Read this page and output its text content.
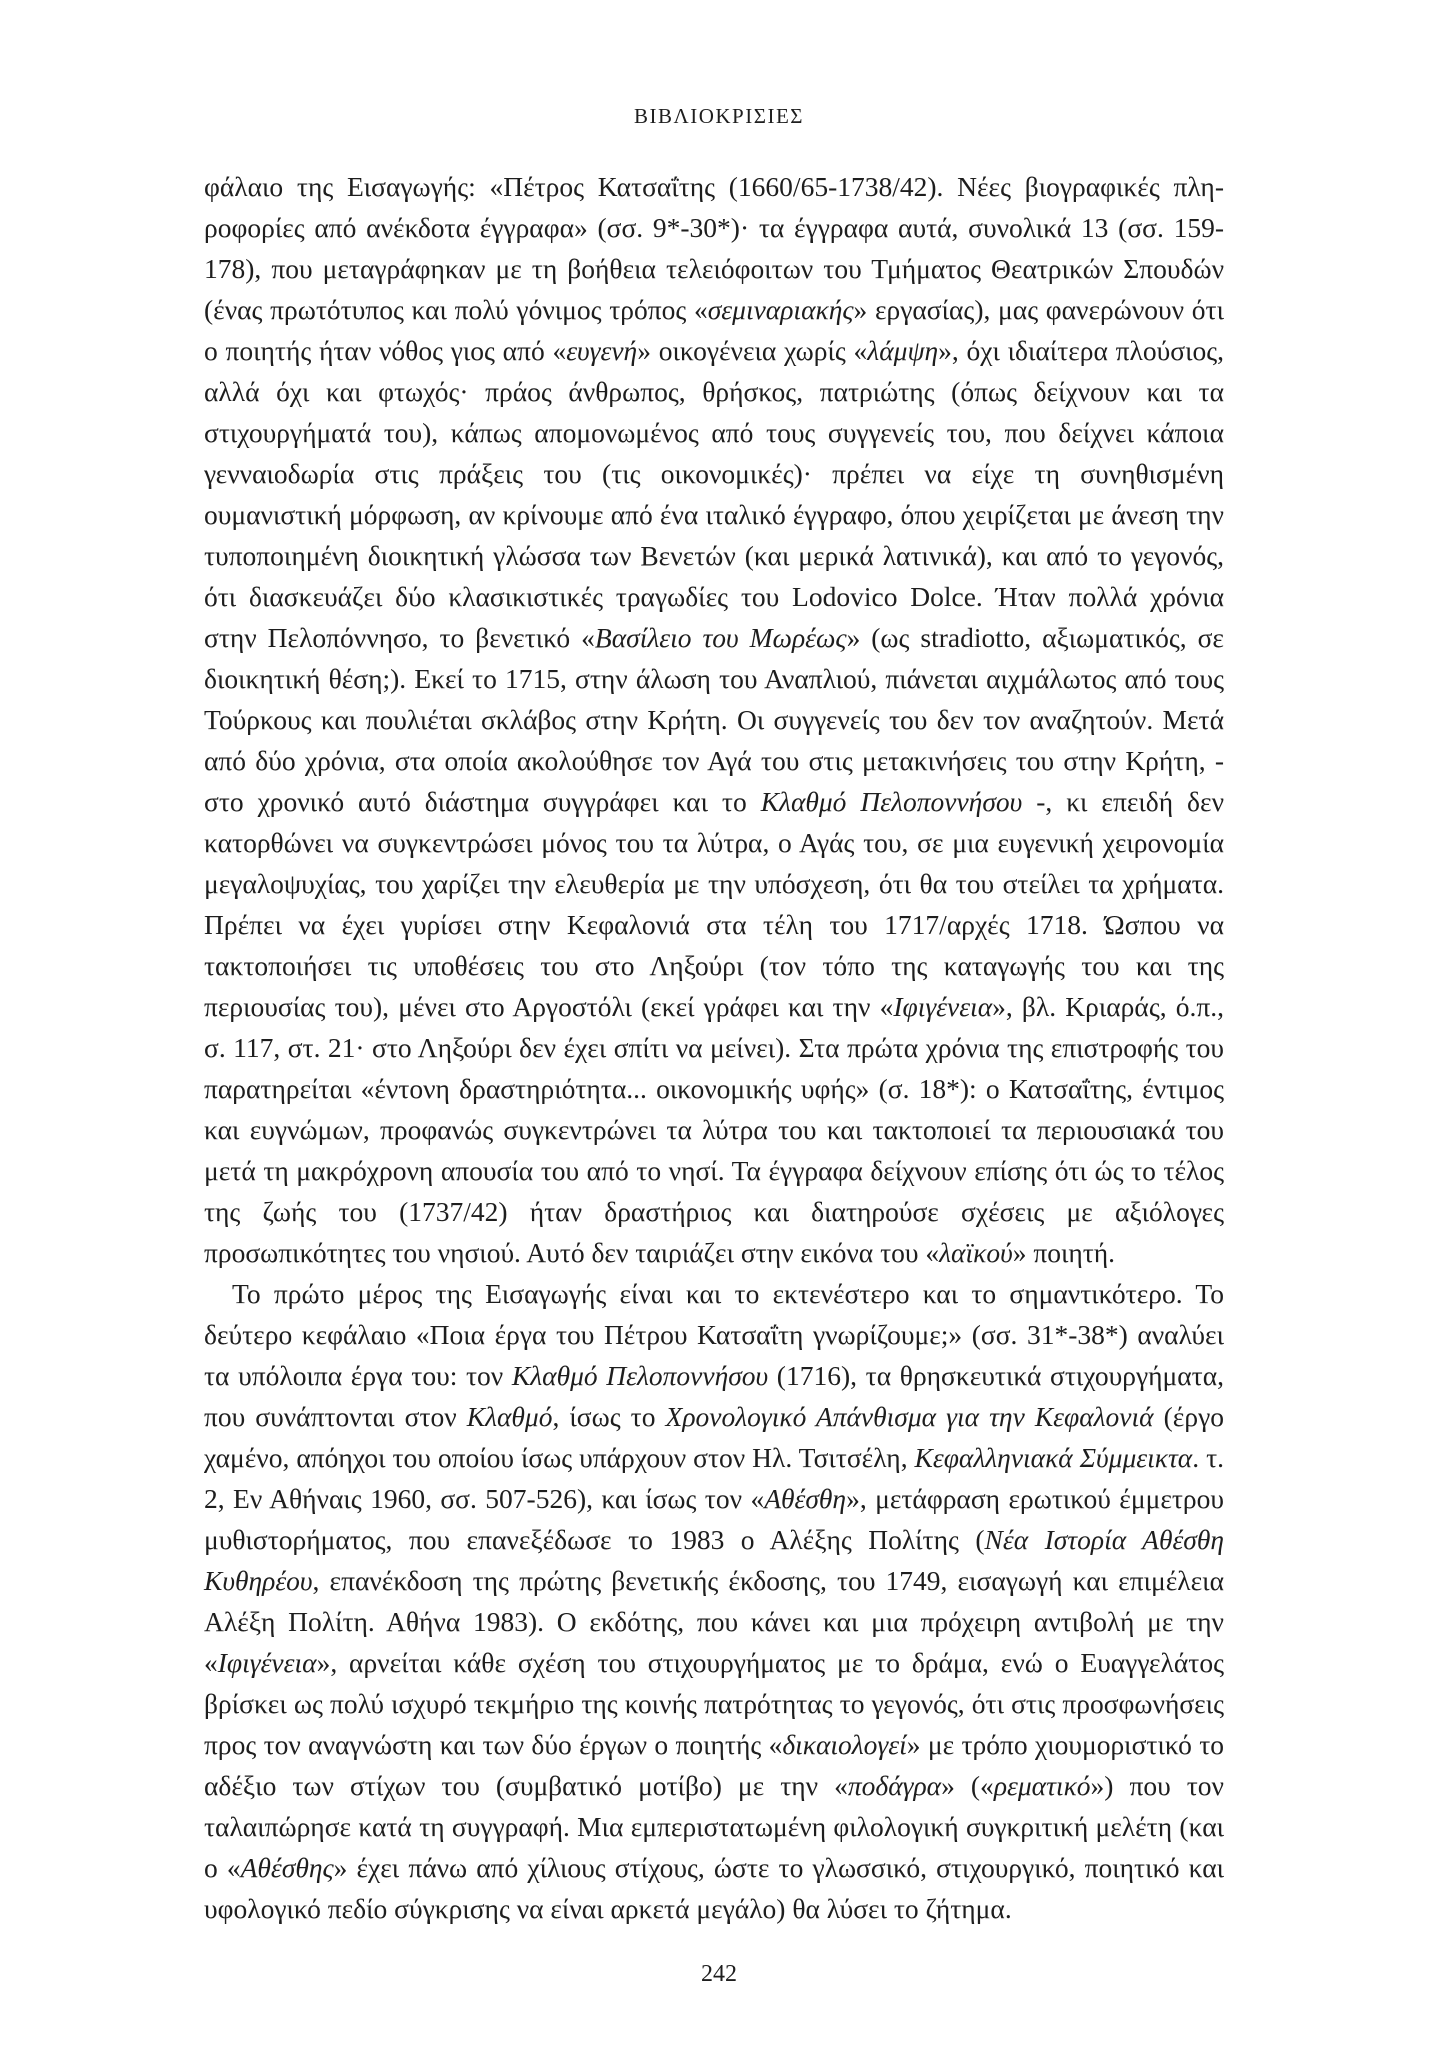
ΒΙΒΛΙΟΚΡΙΣΙΕΣ

φάλαιο της Εισαγωγής: «Πέτρος Κατσαΐτης (1660/65-1738/42). Νέες βιογραφικές πληροφορίες από ανέκδοτα έγγραφα» (σσ. 9*-30*)· τα έγγραφα αυτά, συνολικά 13 (σσ. 159-178), που μεταγράφηκαν με τη βοήθεια τελειόφοιτων του Τμήματος Θεατρικών Σπουδών (ένας πρωτότυπος και πολύ γόνιμος τρόπος «σεμιναριακής» εργασίας), μας φανερώνουν ότι ο ποιητής ήταν νόθος γιος από «ευγενή» οικογένεια χωρίς «λάμψη», όχι ιδιαίτερα πλούσιος, αλλά όχι και φτωχός· πράος άνθρωπος, θρήσκος, πατριώτης (όπως δείχνουν και τα στιχουργήματά του), κάπως απομονωμένος από τους συγγενείς του, που δείχνει κάποια γενναιοδωρία στις πράξεις του (τις οικονομικές)· πρέπει να είχε τη συνηθισμένη ουμανιστική μόρφωση, αν κρίνουμε από ένα ιταλικό έγγραφο, όπου χειρίζεται με άνεση την τυποποιημένη διοικητική γλώσσα των Βενετών (και μερικά λατινικά), και από το γεγονός, ότι διασκευάζει δύο κλασικιστικές τραγωδίες του Lodovico Dolce. Ήταν πολλά χρόνια στην Πελοπόννησο, το βενετικό «Βασίλειο του Μωρέως» (ως stradiotto, αξιωματικός, σε διοικητική θέση;). Εκεί το 1715, στην άλωση του Αναπλιού, πιάνεται αιχμάλωτος από τους Τούρκους και πουλιέται σκλάβος στην Κρήτη. Οι συγγενείς του δεν τον αναζητούν. Μετά από δύο χρόνια, στα οποία ακολούθησε τον Αγά του στις μετακινήσεις του στην Κρήτη, - στο χρονικό αυτό διάστημα συγγράφει και το Κλαθμό Πελοποννήσου -, κι επειδή δεν κατορθώνει να συγκεντρώσει μόνος του τα λύτρα, ο Αγάς του, σε μια ευγενική χειρονομία μεγαλοψυχίας, του χαρίζει την ελευθερία με την υπόσχεση, ότι θα του στείλει τα χρήματα. Πρέπει να έχει γυρίσει στην Κεφαλονιά στα τέλη του 1717/αρχές 1718. Ώσπου να τακτοποιήσει τις υποθέσεις του στο Ληξούρι (τον τόπο της καταγωγής του και της περιουσίας του), μένει στο Αργοστόλι (εκεί γράφει και την «Ιφιγένεια», βλ. Κριαράς, ό.π., σ. 117, στ. 21· στο Ληξούρι δεν έχει σπίτι να μείνει). Στα πρώτα χρόνια της επιστροφής του παρατηρείται «έντονη δραστηριότητα... οικονομικής υφής» (σ. 18*): ο Κατσαΐτης, έντιμος και ευγνώμων, προφανώς συγκεντρώνει τα λύτρα του και τακτοποιεί τα περιουσιακά του μετά τη μακρόχρονη απουσία του από το νησί. Τα έγγραφα δείχνουν επίσης ότι ώς το τέλος της ζωής του (1737/42) ήταν δραστήριος και διατηρούσε σχέσεις με αξιόλογες προσωπικότητες του νησιού. Αυτό δεν ταιριάζει στην εικόνα του «λαϊκού» ποιητή.

Το πρώτο μέρος της Εισαγωγής είναι και το εκτενέστερο και το σημαντικότερο. Το δεύτερο κεφάλαιο «Ποια έργα του Πέτρου Κατσαΐτη γνωρίζουμε;» (σσ. 31*-38*) αναλύει τα υπόλοιπα έργα του: τον Κλαθμό Πελοποννήσου (1716), τα θρησκευτικά στιχουργήματα, που συνάπτονται στον Κλαθμό, ίσως το Χρονολογικό Απάνθισμα για την Κεφαλονιά (έργο χαμένο, απόηχοι του οποίου ίσως υπάρχουν στον Ηλ. Τσιτσέλη, Κεφαλληνιακά Σύμμεικτα. τ. 2, Εν Αθήναις 1960, σσ. 507-526), και ίσως τον «Αθέσθη», μετάφραση ερωτικού έμμετρου μυθιστορήματος, που επανεξέδωσε το 1983 ο Αλέξης Πολίτης (Νέα Ιστορία Αθέσθη Κυθηρέου, επανέκδοση της πρώτης βενετικής έκδοσης, του 1749, εισαγωγή και επιμέλεια Αλέξη Πολίτη. Αθήνα 1983). Ο εκδότης, που κάνει και μια πρόχειρη αντιβολή με την «Ιφιγένεια», αρνείται κάθε σχέση του στιχουργήματος με το δράμα, ενώ ο Ευαγγελάτος βρίσκει ως πολύ ισχυρό τεκμήριο της κοινής πατρότητας το γεγονός, ότι στις προσφωνήσεις προς τον αναγνώστη και των δύο έργων ο ποιητής «δικαιολογεί» με τρόπο χιουμοριστικό το αδέξιο των στίχων του (συμβατικό μοτίβο) με την «ποδάγρα» («ρεματικό») που τον ταλαιπώρησε κατά τη συγγραφή. Μια εμπεριστατωμένη φιλολογική συγκριτική μελέτη (και ο «Αθέσθης» έχει πάνω από χίλιους στίχους, ώστε το γλωσσικό, στιχουργικό, ποιητικό και υφολογικό πεδίο σύγκρισης να είναι αρκετά μεγάλο) θα λύσει το ζήτημα.

242
